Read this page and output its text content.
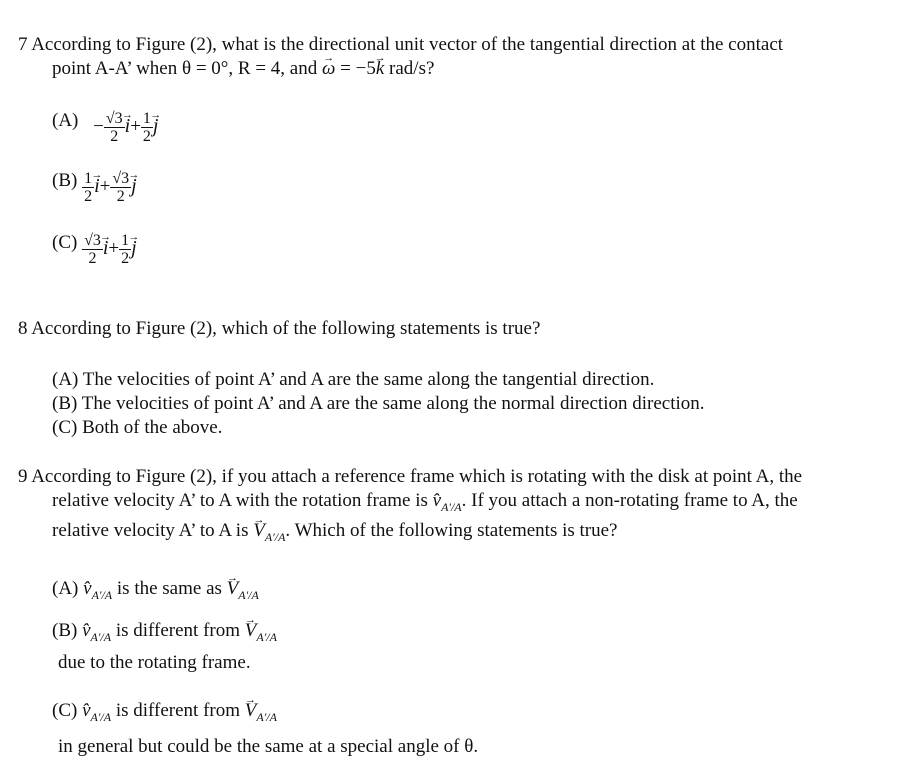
7 According to Figure (2), what is the directional unit vector of the tangential direction at the contact
point A-A’ when θ = 0°, R = 4, and → ω = −5→ k rad/s?
$(A) - \frac{√3}{2} \to i+ \frac{1}{2} \to j$
$(B) \frac{1}{2} \to i+ \frac{√3}{2} \to j$
$(C) \frac{√3}{2} \to i+ \frac{1}{2} \to j$
8 According to Figure (2), which of the following statements is true?
(A) The velocities of point A’ and A are the same along the tangential direction.
(B) The velocities of point A’ and A are the same along the normal direction direction.
(C) Both of the above.
9 According to Figure (2), if you attach a reference frame which is rotating with the disk at point A, the
relative velocity A’ to A with the rotation frame is $v̂_{A'/A}$. If you attach a non-rotating frame to A, the
relative velocity A’ to A is → $V_{A'/A}$. Which of the following statements is true?
(A) $v̂_{A'/A}$ is the same as → $V_{A'/A}$
(B) $v̂_{A'/A}$ is different from → $V_{A'/A}$
due to the rotating frame.
(C) $v̂_{A'/A}$ is different from → $V_{A'/A}$
in general but could be the same at a special angle of θ.
